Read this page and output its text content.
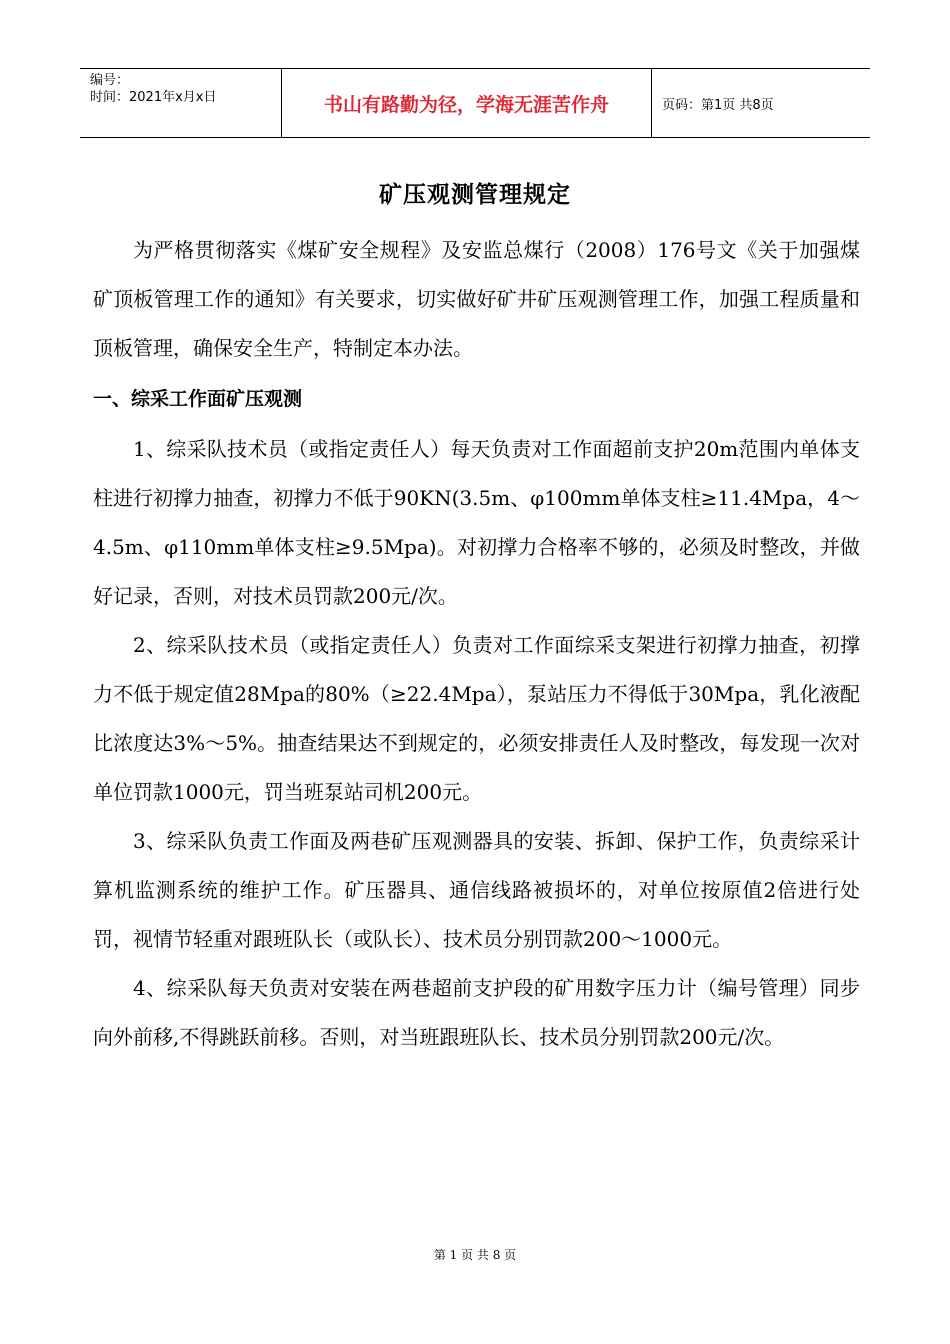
编号：
时间：2021年x月x日	书山有路勤为径，学海无涯苦作舟	页码：第1页 共8页
矿压观测管理规定

为严格贯彻落实《煤矿安全规程》及安监总煤行（2008）176号文《关于加强煤矿顶板管理工作的通知》有关要求，切实做好矿井矿压观测管理工作，加强工程质量和顶板管理，确保安全生产，特制定本办法。

一、综采工作面矿压观测

1、综采队技术员（或指定责任人）每天负责对工作面超前支护20m范围内单体支柱进行初撑力抽查，初撑力不低于90KN(3.5m、φ100mm单体支柱≥11.4Mpa，4～4.5m、φ110mm单体支柱≥9.5Mpa)。对初撑力合格率不够的，必须及时整改，并做好记录，否则，对技术员罚款200元/次。

2、综采队技术员（或指定责任人）负责对工作面综采支架进行初撑力抽查，初撑力不低于规定值28Mpa的80%（≥22.4Mpa），泵站压力不得低于30Mpa，乳化液配比浓度达3%～5%。抽查结果达不到规定的，必须安排责任人及时整改，每发现一次对单位罚款1000元，罚当班泵站司机200元。

3、综采队负责工作面及两巷矿压观测器具的安装、拆卸、保护工作，负责综采计算机监测系统的维护工作。矿压器具、通信线路被损坏的，对单位按原值2倍进行处罚，视情节轻重对跟班队长（或队长）、技术员分别罚款200～1000元。

4、综采队每天负责对安装在两巷超前支护段的矿用数字压力计（编号管理）同步向外前移,不得跳跃前移。否则，对当班跟班队长、技术员分别罚款200元/次。

第 1 页 共 8 页
